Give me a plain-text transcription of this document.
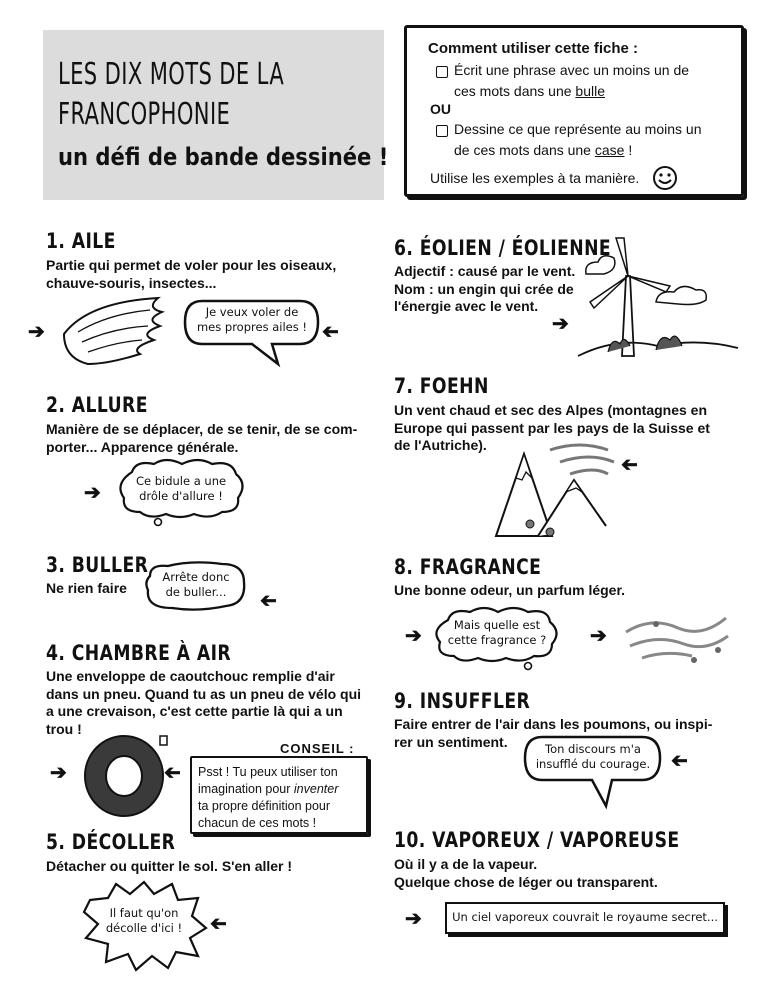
LES DIX MOTS DE LA
FRANCOPHONIE
un défi de bande dessinée !
Comment utiliser cette fiche :
Écrit une phrase avec un moins un de
ces mots dans une bulle
OU
Dessine ce que représente au moins un
de ces mots dans une case !
Utilise les exemples à ta manière.
1. AILE
Partie qui permet de voler pour les oiseaux,
chauve-souris, insectes...
➔
Je veux voler de
mes propres ailes ! ➔
2. ALLURE
Manière de se déplacer, de se tenir, de se com-
porter... Apparence générale.
➔
Ce bidule a une
drôle d'allure !
3. BULLER
Ne rien faire
Arrête donc
de buller...	➔
4. CHAMBRE À AIR
Une enveloppe de caoutchouc remplie d'air
dans un pneu. Quand tu as un pneu de vélo qui
a une crevaison, c'est cette partie là qui a un
trou !
➔	➔
CONSEIL :
Psst ! Tu peux utiliser ton
imagination pour inventer
ta propre définition pour
chacun de ces mots !
5. DÉCOLLER
Détacher ou quitter le sol. S'en aller !
Il faut qu'on
décolle d'ici !	➔
6. ÉOLIEN / ÉOLIENNE
Adjectif : causé par le vent.
Nom : un engin qui crée de
l'énergie avec le vent.
➔
7. FOEHN
Un vent chaud et sec des Alpes (montagnes en
Europe qui passent par les pays de la Suisse et
de l'Autriche).
➔
8. FRAGRANCE
Une bonne odeur, un parfum léger.
➔	Mais quelle est
cette fragrance ?	➔
9. INSUFFLER
Faire entrer de l'air dans les poumons, ou inspi-
rer un sentiment.	Ton discours m'a
insufflé du courage.	➔
10. VAPOREUX / VAPOREUSE
Où il y a de la vapeur.
Quelque chose de léger ou transparent.
➔	Un ciel vaporeux couvrait le royaume secret...
